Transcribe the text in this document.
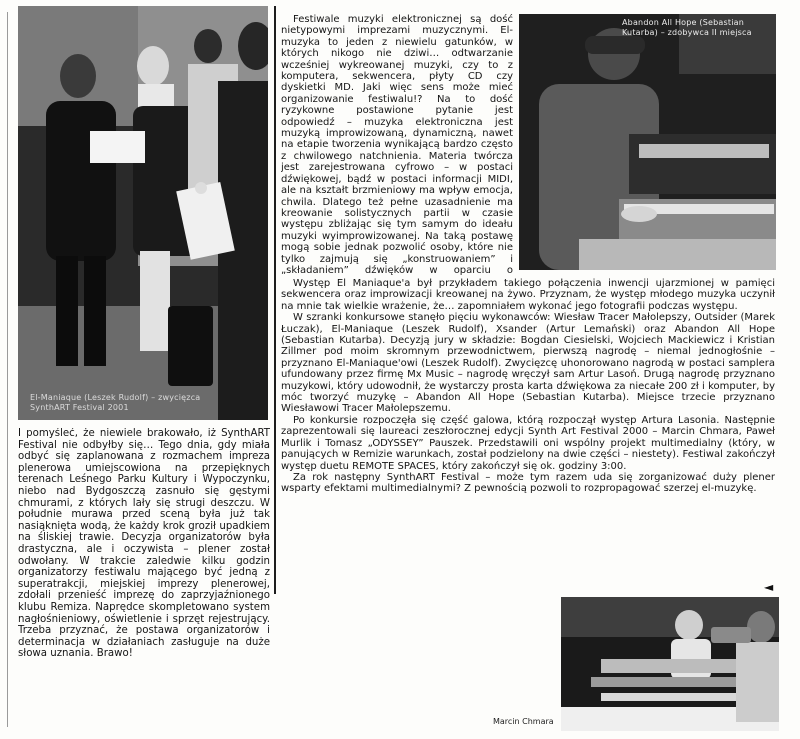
El-Maniaque (Leszek Rudolf) – zwycięzca SynthART Festival 2001
Abandon All Hope (Sebastian Kutarba) – zdobywca II miejsca
Marcin Chmara

Festiwale muzyki elektronicznej są dość nietypowymi imprezami muzycznymi. El-muzyka to jeden z niewielu gatunków, w których nikogo nie dziwi… odtwarzanie wcześniej wykreowanej muzyki, czy to z komputera, sekwencera, płyty CD czy dyskietki MD. Jaki więc sens może mieć organizowanie festiwalu!? Na to dość ryzykowne postawione pytanie jest odpowiedź – muzyka elektroniczna jest muzyką improwizowaną, dynamiczną, nawet na etapie tworzenia wynikającą bardzo często z chwilowego natchnienia. Materia twórcza jest zarejestrowana cyfrowo – w postaci dźwiękowej, bądź w postaci informacji MIDI, ale na kształt brzmieniowy ma wpływ emocja, chwila. Dlatego też pełne uzasadnienie ma kreowanie solistycznych partii w czasie występu zbliżając się tym samym do ideału muzyki wyimprowizowanej. Na taką postawę mogą sobie jednak pozwolić osoby, które nie tylko zajmują się „konstruowaniem” i „składaniem” dźwięków w oparciu o

Występ El Maniaque'a był przykładem takiego połączenia inwencji ujarzmionej w pamięci sekwencera oraz improwizacji kreowanej na żywo. Przyznam, że występ młodego muzyka uczynił na mnie tak wielkie wrażenie, że… zapomniałem wykonać jego fotografii podczas występu.

W szranki konkursowe stanęło pięciu wykonawców: Wiesław Tracer Małolepszy, Outsider (Marek Łuczak), El-Maniaque (Leszek Rudolf), Xsander (Artur Lemański) oraz Abandon All Hope (Sebastian Kutarba). Decyzją jury w składzie: Bogdan Ciesielski, Wojciech Mackiewicz i Kristian Zillmer pod moim skromnym przewodnictwem, pierwszą nagrodę – niemal jednogłośnie – przyznano El-Maniaque'owi (Leszek Rudolf). Zwycięzcę uhonorowano nagrodą w postaci samplera ufundowany przez firmę Mx Music – nagrodę wręczył sam Artur Lasoń. Drugą nagrodę przyznano muzykowi, który udowodnił, że wystarczy prosta karta dźwiękowa za niecałe 200 zł i komputer, by móc tworzyć muzykę – Abandon All Hope (Sebastian Kutarba). Miejsce trzecie przyznano Wiesławowi Tracer Małolepszemu.

Po konkursie rozpoczęła się część galowa, którą rozpoczął występ Artura Lasonia. Następnie zaprezentowali się laureaci zeszłorocznej edycji Synth Art Festival 2000 – Marcin Chmara, Paweł Murlik i Tomasz „ODYSSEY” Pauszek. Przedstawili oni wspólny projekt multimedialny (który, w panujących w Remizie warunkach, został podzielony na dwie części – niestety). Festiwal zakończył występ duetu REMOTE SPACES, który zakończył się ok. godziny 3:00.

Za rok następny SynthART Festival – może tym razem uda się zorganizować duży plener wsparty efektami multimedialnymi? Z pewnością pozwoli to rozpropagować szerzej el-muzykę.

◄

I pomyśleć, że niewiele brakowało, iż SynthART Festival nie odbyłby się… Tego dnia, gdy miała odbyć się zaplanowana z rozmachem impreza plenerowa umiejscowiona na przepięknych terenach Leśnego Parku Kultury i Wypoczynku, niebo nad Bydgoszczą zasnuło się gęstymi chmurami, z których lały się strugi deszczu. W południe murawa przed sceną była już tak nasiąknięta wodą, że każdy krok groził upadkiem na śliskiej trawie. Decyzja organizatorów była drastyczna, ale i oczywista – plener został odwołany. W trakcie zaledwie kilku godzin organizatorzy festiwalu mającego być jedną z superatrakcji, miejskiej imprezy plenerowej, zdołali przenieść imprezę do zaprzyjaźnionego klubu Remiza. Naprędce skompletowano system nagłośnieniowy, oświetlenie i sprzęt rejestrujący. Trzeba przyznać, że postawa organizatorów i determinacja w działaniach zasługuje na duże słowa uznania. Brawo!
